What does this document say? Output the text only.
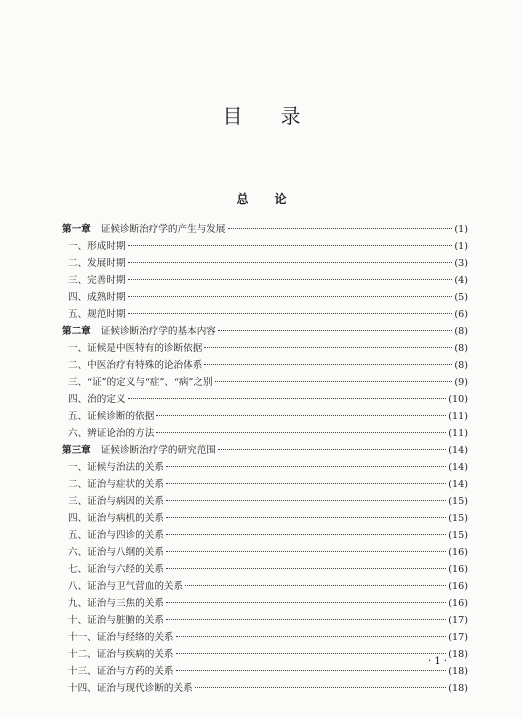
目 录
总 论
第一章 证候诊断治疗学的产生与发展	(1)
一、形成时期	(1)
二、发展时期	(3)
三、完善时期	(4)
四、成熟时期	(5)
五、规范时期	(6)
第二章 证候诊断治疗学的基本内容	(8)
一、证候是中医特有的诊断依据	(8)
二、中医治疗有特殊的论治体系	(8)
三、“证”的定义与“症”、“病”之别	(9)
四、治的定义	(10)
五、证候诊断的依据	(11)
六、辨证论治的方法	(11)
第三章 证候诊断治疗学的研究范围	(14)
一、证候与治法的关系	(14)
二、证治与症状的关系	(14)
三、证治与病因的关系	(15)
四、证治与病机的关系	(15)
五、证治与四诊的关系	(15)
六、证治与八纲的关系	(16)
七、证治与六经的关系	(16)
八、证治与卫气营血的关系	(16)
九、证治与三焦的关系	(16)
十、证治与脏腑的关系	(17)
十一、证治与经络的关系	(17)
十二、证治与疾病的关系	(18)
十三、证治与方药的关系	(18)
十四、证治与现代诊断的关系	(18)
· 1 ·
